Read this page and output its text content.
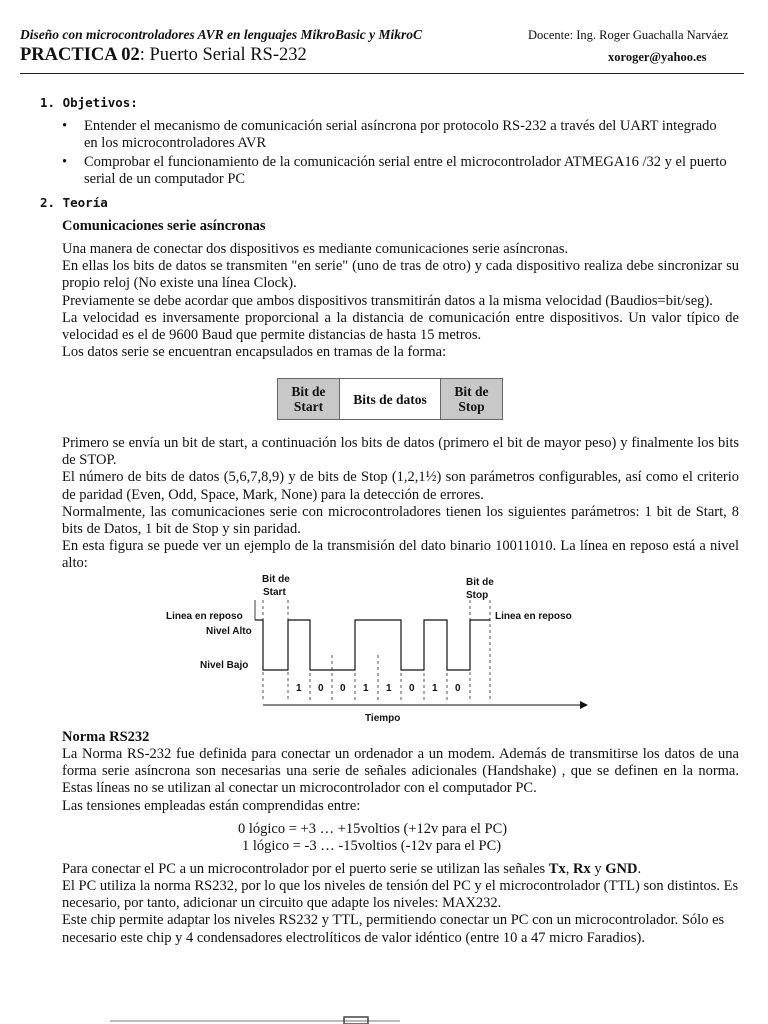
Diseño con microcontroladores AVR en lenguajes MikroBasic y MikroC	Docente: Ing. Roger Guachalla Narváez
PRACTICA 02: Puerto Serial RS-232	xoroger@yahoo.es
1. Objetivos:
• Entender el mecanismo de comunicación serial asíncrona por protocolo RS-232 a través del UART integrado en los microcontroladores AVR
• Comprobar el funcionamiento de la comunicación serial entre el microcontrolador ATMEGA16 /32 y el puerto serial de un computador PC
2. Teoría
Comunicaciones serie asíncronas
Una manera de conectar dos dispositivos es mediante comunicaciones serie asíncronas.
En ellas los bits de datos se transmiten "en serie" (uno de tras de otro) y cada dispositivo realiza debe sincronizar su propio reloj (No existe una línea Clock).
Previamente se debe acordar que ambos dispositivos transmitirán datos a la misma velocidad (Baudios=bit/seg).
La velocidad es inversamente proporcional a la distancia de comunicación entre dispositivos. Un valor típico de velocidad es el de 9600 Baud que permite distancias de hasta 15 metros.
Los datos serie se encuentran encapsulados en tramas de la forma:
Bit de Start	Bits de datos Bit de Stop
Primero se envía un bit de start, a continuación los bits de datos (primero el bit de mayor peso) y finalmente los bits de STOP.
El número de bits de datos (5,6,7,8,9) y de bits de Stop (1,2,1½) son parámetros configurables, así como el criterio de paridad (Even, Odd, Space, Mark, None) para la detección de errores.
Normalmente, las comunicaciones serie con microcontroladores tienen los siguientes parámetros: 1 bit de Start, 8 bits de Datos, 1 bit de Stop y sin paridad.
En esta figura se puede ver un ejemplo de la transmisión del dato binario 10011010. La línea en reposo está a nivel alto:
Bit de
Start
Bit de
Stop
Linea en reposo	Linea en reposo
Nivel Alto
Nivel Bajo
1 0 0 1 1 0 1 0
Tiempo
Norma RS232
La Norma RS-232 fue definida para conectar un ordenador a un modem. Además de transmitirse los datos de una forma serie asíncrona son necesarias una serie de señales adicionales (Handshake) , que se definen en la norma. Estas líneas no se utilizan al conectar un microcontrolador con el computador PC.
Las tensiones empleadas están comprendidas entre:
0 lógico = +3 … +15voltios (+12v para el PC)
1 lógico = -3 … -15voltios (-12v para el PC)
Para conectar el PC a un microcontrolador por el puerto serie se utilizan las señales Tx, Rx y GND.
El PC utiliza la norma RS232, por lo que los niveles de tensión del PC y el microcontrolador (TTL) son distintos. Es necesario, por tanto, adicionar un circuito que adapte los niveles: MAX232.
Este chip permite adaptar los niveles RS232 y TTL, permitiendo conectar un PC con un microcontrolador. Sólo es necesario este chip y 4 condensadores electrolíticos de valor idéntico (entre 10 a 47 micro Faradios).
